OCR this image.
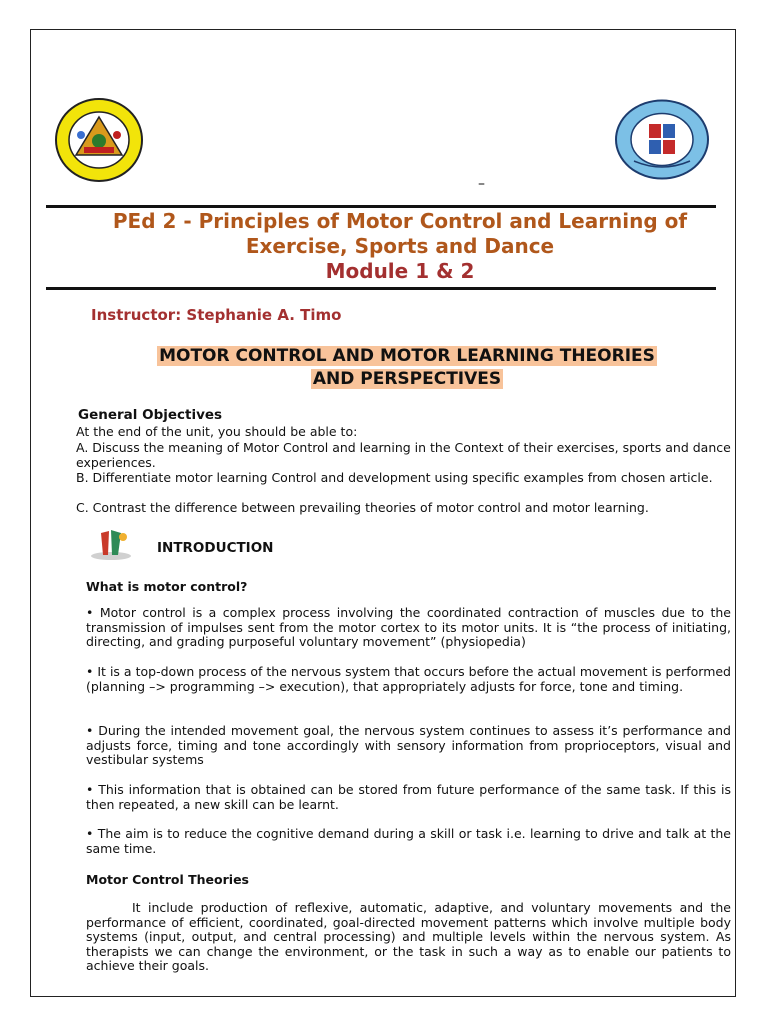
–
PEd 2 - Principles of Motor Control and Learning of
Exercise, Sports and Dance
Module 1 & 2
Instructor: Stephanie A. Timo
MOTOR CONTROL AND MOTOR LEARNING THEORIES
AND PERSPECTIVES
General Objectives
At the end of the unit, you should be able to:
A. Discuss the meaning of Motor Control and learning in the Context of their exercises, sports and dance experiences.
B. Differentiate motor learning Control and development using specific examples from chosen article.
C. Contrast the difference between prevailing theories of motor control and motor learning.
INTRODUCTION
What is motor control?
• Motor control is a complex process involving the coordinated contraction of muscles due to the transmission of impulses sent from the motor cortex to its motor units. It is “the process of initiating, directing, and grading purposeful voluntary movement” (physiopedia)
• It is a top-down process of the nervous system that occurs before the actual movement is performed (planning –> programming –> execution), that appropriately adjusts for force, tone and timing.
• During the intended movement goal, the nervous system continues to assess it’s performance and adjusts force, timing and tone accordingly with sensory information from proprioceptors, visual and vestibular systems
• This information that is obtained can be stored from future performance of the same task. If this is then repeated, a new skill can be learnt.
• The aim is to reduce the cognitive demand during a skill or task i.e. learning to drive and talk at the same time.
Motor Control Theories
It include production of reflexive, automatic, adaptive, and voluntary movements and the performance of efficient, coordinated, goal-directed movement patterns which involve multiple body systems (input, output, and central processing) and multiple levels within the nervous system. As therapists we can change the environment, or the task in such a way as to enable our patients to achieve their goals.
